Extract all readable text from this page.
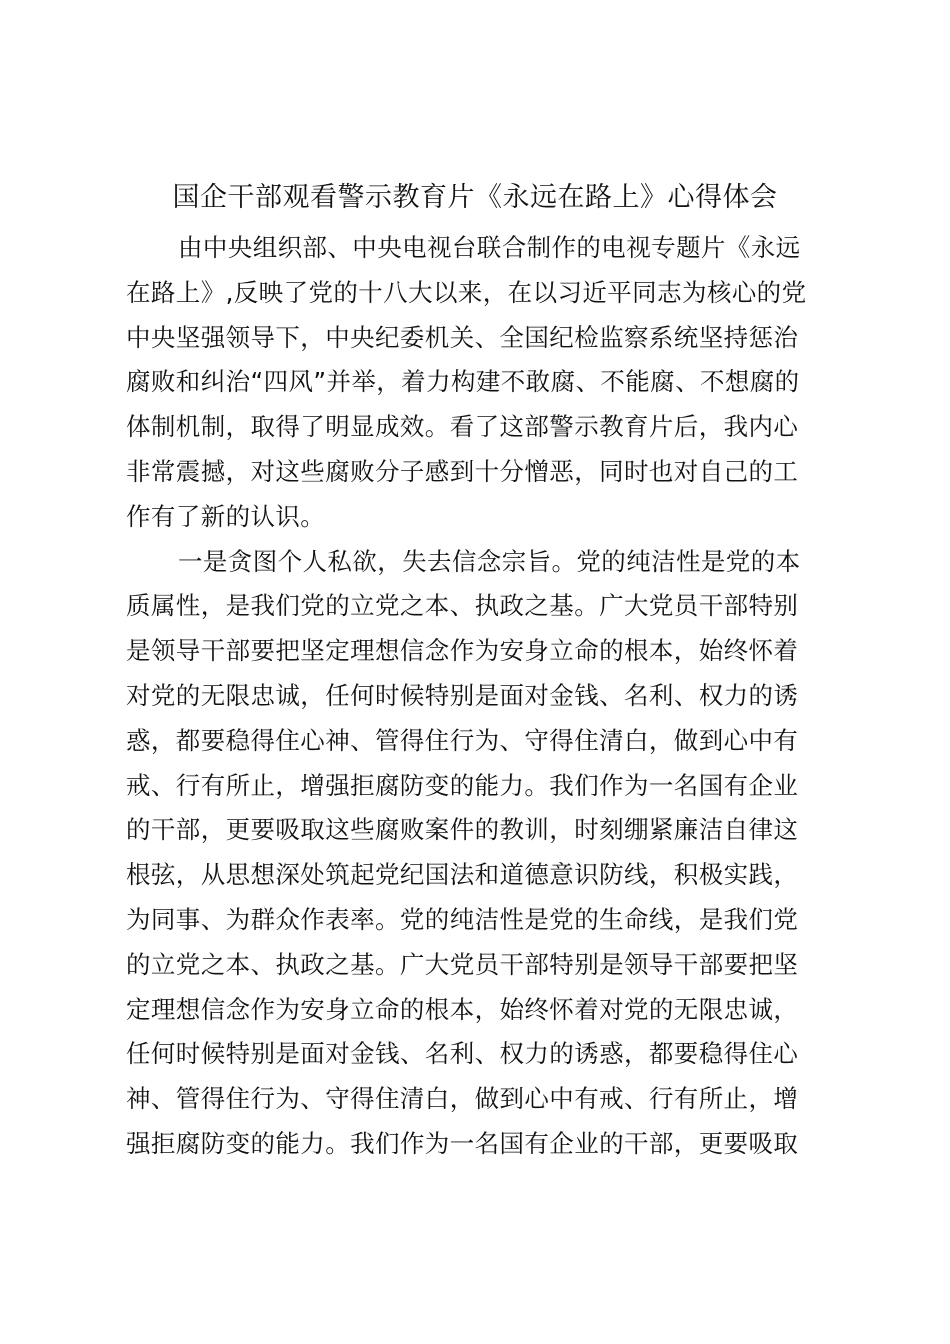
国企干部观看警示教育片《永远在路上》心得体会
由中央组织部、中央电视台联合制作的电视专题片《永远
在路上》,反映了党的十八大以来，在以习近平同志为核心的党
中央坚强领导下，中央纪委机关、全国纪检监察系统坚持惩治
腐败和纠治“四风”并举，着力构建不敢腐、不能腐、不想腐的
体制机制，取得了明显成效。看了这部警示教育片后，我内心
非常震撼，对这些腐败分子感到十分憎恶，同时也对自己的工
作有了新的认识。
一是贪图个人私欲，失去信念宗旨。党的纯洁性是党的本
质属性，是我们党的立党之本、执政之基。广大党员干部特别
是领导干部要把坚定理想信念作为安身立命的根本，始终怀着
对党的无限忠诚，任何时候特别是面对金钱、名利、权力的诱
惑，都要稳得住心神、管得住行为、守得住清白，做到心中有
戒、行有所止，增强拒腐防变的能力。我们作为一名国有企业
的干部，更要吸取这些腐败案件的教训，时刻绷紧廉洁自律这
根弦，从思想深处筑起党纪国法和道德意识防线，积极实践，
为同事、为群众作表率。党的纯洁性是党的生命线，是我们党
的立党之本、执政之基。广大党员干部特别是领导干部要把坚
定理想信念作为安身立命的根本，始终怀着对党的无限忠诚，
任何时候特别是面对金钱、名利、权力的诱惑，都要稳得住心
神、管得住行为、守得住清白，做到心中有戒、行有所止，增
强拒腐防变的能力。我们作为一名国有企业的干部，更要吸取
